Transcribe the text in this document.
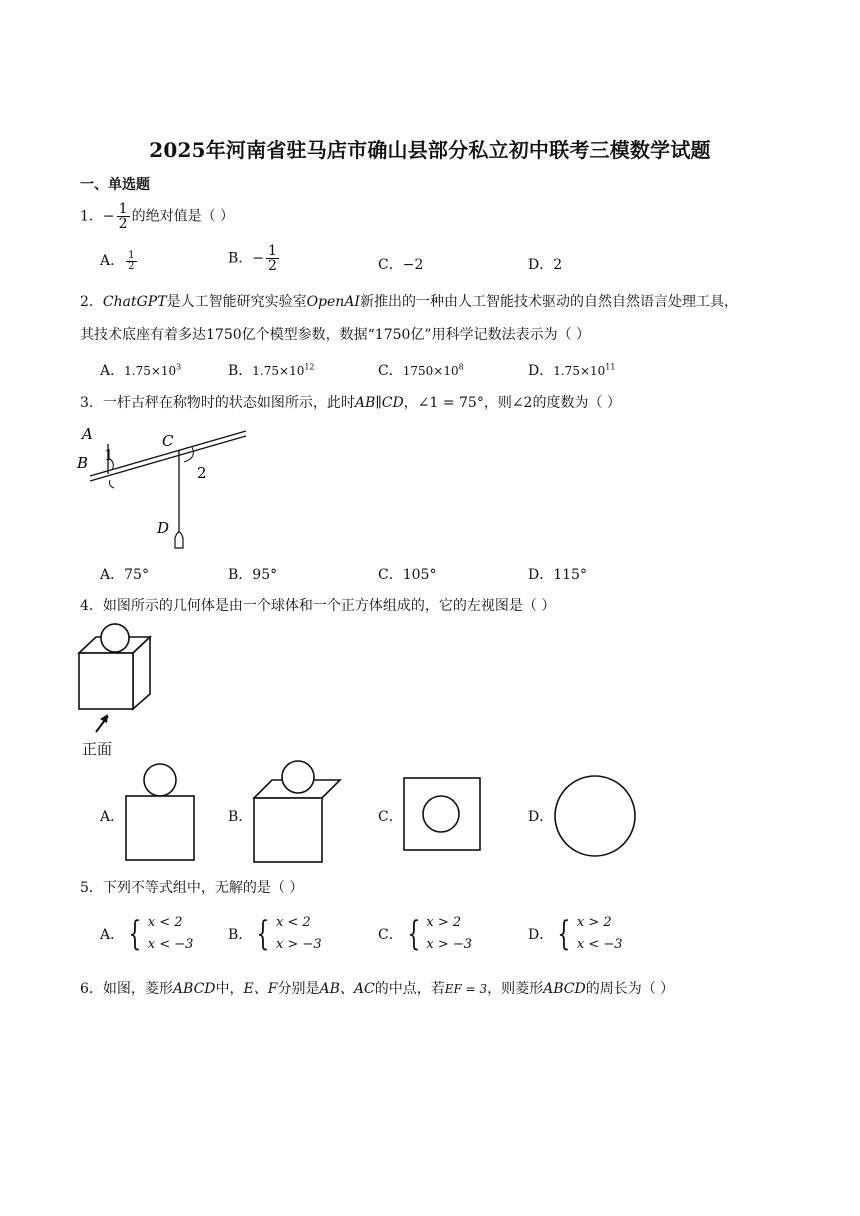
2025年河南省驻马店市确山县部分私立初中联考三模数学试题
一、单选题
1．− $\frac{1}{2}$ 的绝对值是（ ）
A． $\frac{1}{2}$	B．− $\frac{1}{2}$	C．−2	D．2
2．ChatGPT是人工智能研究实验室OpenAI新推出的一种由人工智能技术驱动的自然自然语言处理工具，
其技术底座有着多达1750亿个模型参数，数据“1750亿”用科学记数法表示为（ ）
A．$1.75\times 10^3$	B．$1.75\times 10^{12}$	C．$1750\times 10^8$	D．$1.75\times 10^{11}$
3．一杆古秤在称物时的状态如图所示，此时AB∥CD，∠1 = 75°，则∠2的度数为（ ）
A
B 1
C
2
D
A．75°	B．95°	C．105°	D．115°
4．如图所示的几何体是由一个球体和一个正方体组成的，它的左视图是（ ）
正面
A．	B．	C．	D．
5．下列不等式组中，无解的是（ ）
A． { x < 2
x < −3
B． { x < 2
x > −3
C． { x > 2
x > −3
D． { x > 2
x < −3
6．如图，菱形ABCD中，E、F分别是AB、AC的中点，若EF = 3，则菱形ABCD的周长为（ ）
